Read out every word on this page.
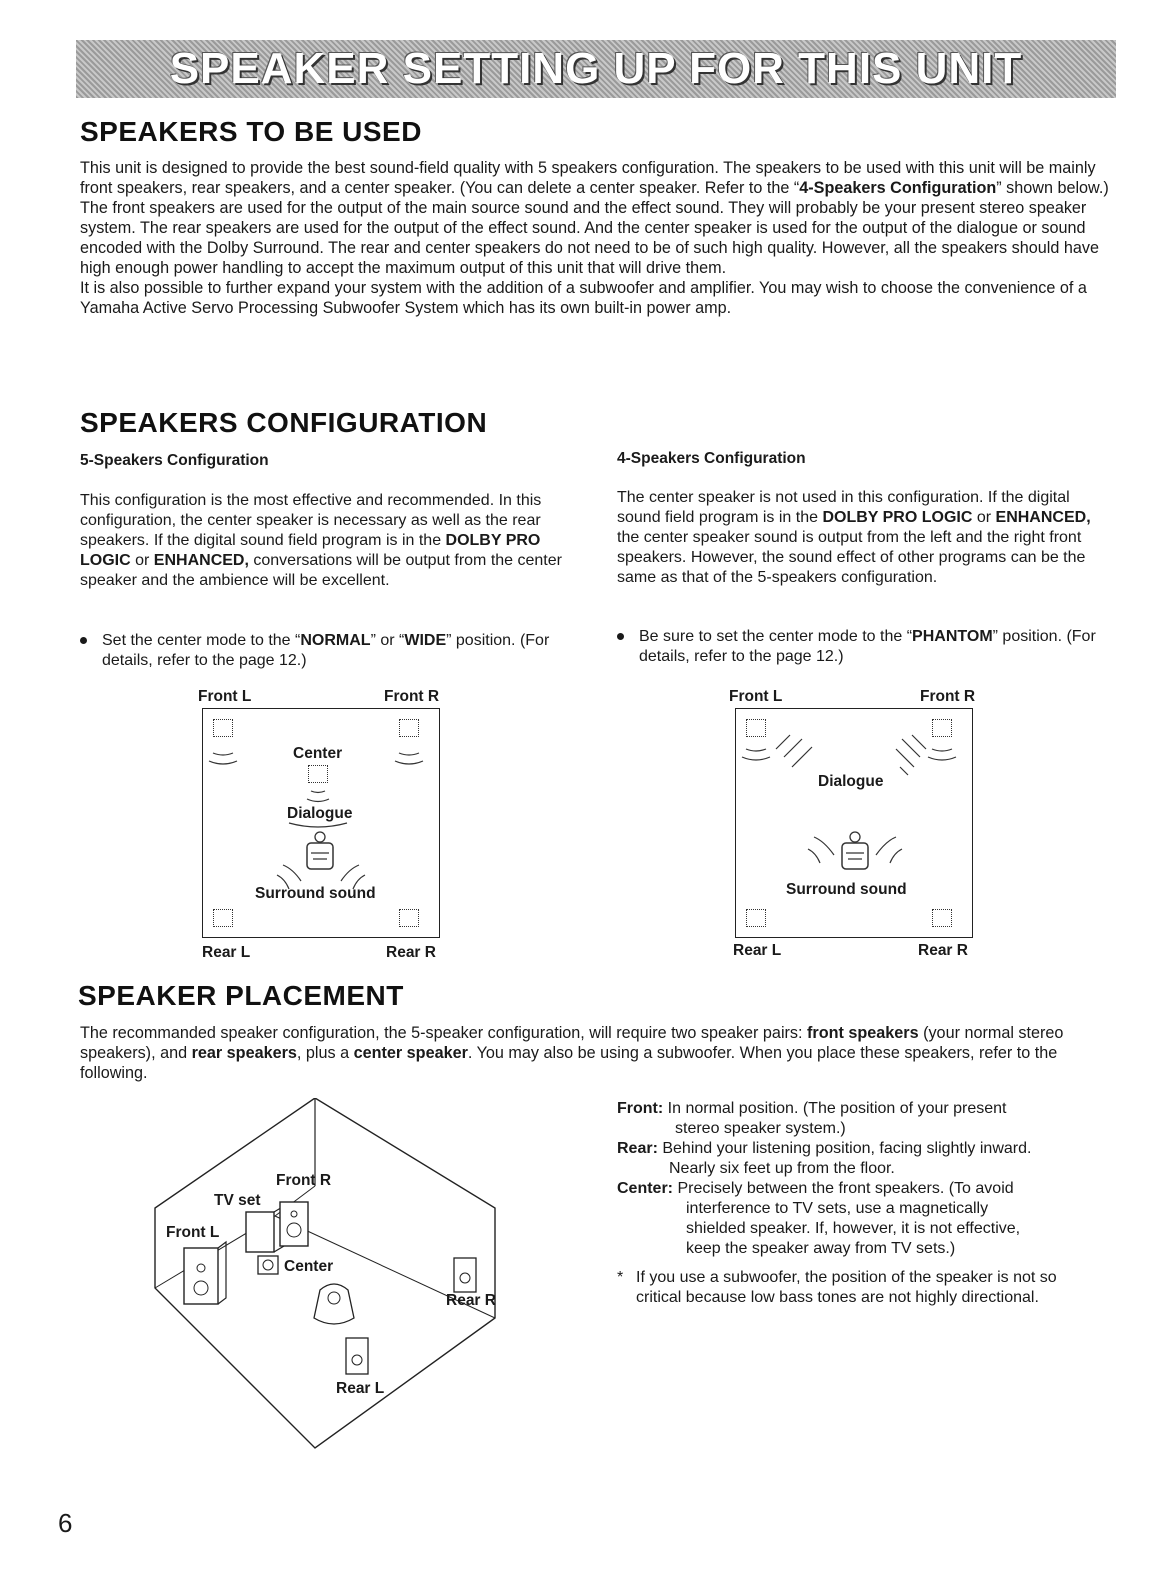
SPEAKER SETTING UP FOR THIS UNIT
SPEAKERS TO BE USED

This unit is designed to provide the best sound-field quality with 5 speakers configuration. The speakers to be used with this unit will be mainly front speakers, rear speakers, and a center speaker. (You can delete a center speaker. Refer to the “4-Speakers Configuration” shown below.)

The front speakers are used for the output of the main source sound and the effect sound. They will probably be your present stereo speaker system. The rear speakers are used for the output of the effect sound. And the center speaker is used for the output of the dialogue or sound encoded with the Dolby Surround. The rear and center speakers do not need to be of such high quality. However, all the speakers should have high enough power handling to accept the maximum output of this unit that will drive them.

It is also possible to further expand your system with the addition of a subwoofer and amplifier. You may wish to choose the convenience of a Yamaha Active Servo Processing Subwoofer System which has its own built-in power amp.

SPEAKERS CONFIGURATION
5-Speakers Configuration
This configuration is the most effective and recommended. In this configuration, the center speaker is necessary as well as the rear speakers. If the digital sound field program is in the DOLBY PRO LOGIC or ENHANCED, conversations will be output from the center speaker and the ambience will be excellent.
Set the center mode to the “NORMAL” or “WIDE” position. (For details, refer to the page 12.)
4-Speakers Configuration
The center speaker is not used in this configuration. If the digital sound field program is in the DOLBY PRO LOGIC or ENHANCED, the center speaker sound is output from the left and the right front speakers. However, the sound effect of other programs can be the same as that of the 5-speakers configuration.
Be sure to set the center mode to the “PHANTOM” position. (For details, refer to the page 12.)
Front L	Front R
Center
Dialogue
Surround sound
Rear L	Rear R
Front L	Front R
Dialogue
Surround sound
Rear L	Rear R
SPEAKER PLACEMENT
The recommanded speaker configuration, the 5-speaker configuration, will require two speaker pairs: front speakers (your normal stereo speakers), and rear speakers, plus a center speaker. You may also be using a subwoofer. When you place these speakers, refer to the following.
Front R
TV set
Front L
Center
Rear R
Rear L
Front: In normal position. (The position of your present
stereo speaker system.)
Rear: Behind your listening position, facing slightly inward.
Nearly six feet up from the floor.
Center: Precisely between the front speakers. (To avoid
interference to TV sets, use a magnetically
shielded speaker. If, however, it is not effective,
keep the speaker away from TV sets.)
* If you use a subwoofer, the position of the speaker is not so critical because low bass tones are not highly directional.
6
